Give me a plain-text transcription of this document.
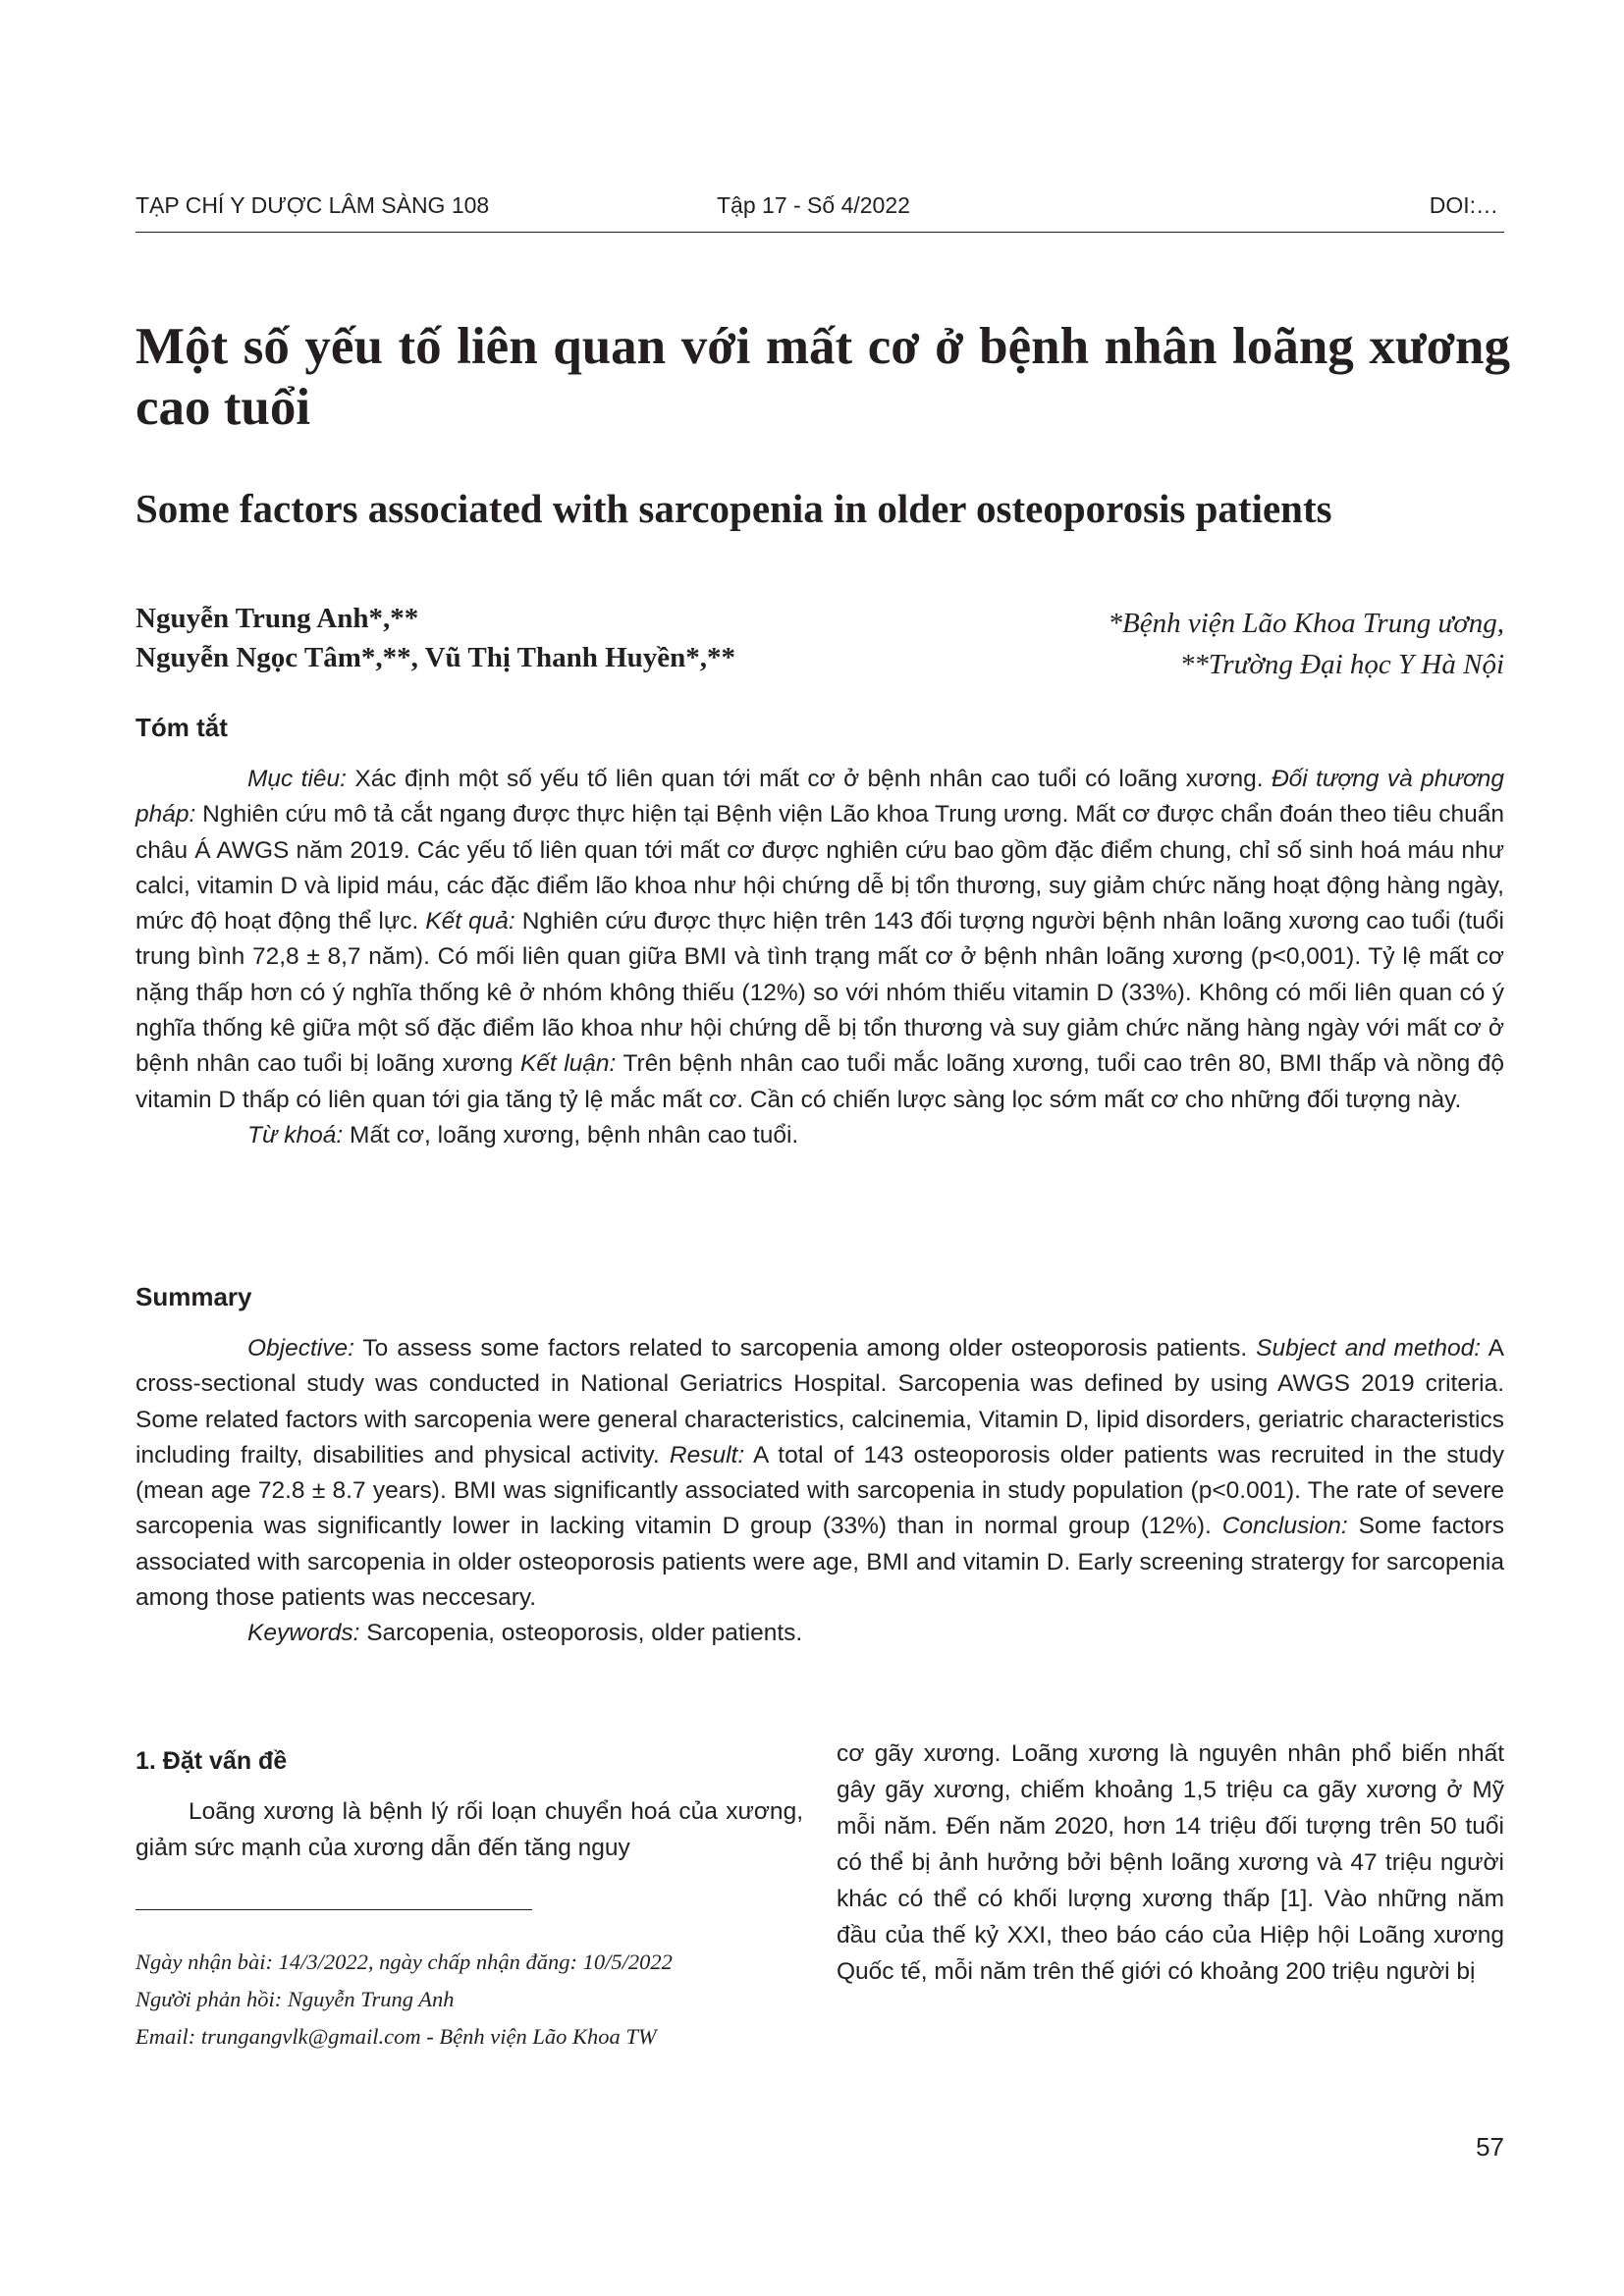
TẠP CHÍ Y DƯỢC LÂM SÀNG 108	Tập 17 - Số 4/2022	DOI:…
Một số yếu tố liên quan với mất cơ ở bệnh nhân loãng xương cao tuổi
Some factors associated with sarcopenia in older osteoporosis patients
Nguyễn Trung Anh*,**
Nguyễn Ngọc Tâm*,**, Vũ Thị Thanh Huyền*,**
*Bệnh viện Lão Khoa Trung ương,
**Trường Đại học Y Hà Nội
Tóm tắt

Mục tiêu: Xác định một số yếu tố liên quan tới mất cơ ở bệnh nhân cao tuổi có loãng xương. Đối tượng và phương pháp: Nghiên cứu mô tả cắt ngang được thực hiện tại Bệnh viện Lão khoa Trung ương. Mất cơ được chẩn đoán theo tiêu chuẩn châu Á AWGS năm 2019. Các yếu tố liên quan tới mất cơ được nghiên cứu bao gồm đặc điểm chung, chỉ số sinh hoá máu như calci, vitamin D và lipid máu, các đặc điểm lão khoa như hội chứng dễ bị tổn thương, suy giảm chức năng hoạt động hàng ngày, mức độ hoạt động thể lực. Kết quả: Nghiên cứu được thực hiện trên 143 đối tượng người bệnh nhân loãng xương cao tuổi (tuổi trung bình 72,8 ± 8,7 năm). Có mối liên quan giữa BMI và tình trạng mất cơ ở bệnh nhân loãng xương (p<0,001). Tỷ lệ mất cơ nặng thấp hơn có ý nghĩa thống kê ở nhóm không thiếu (12%) so với nhóm thiếu vitamin D (33%). Không có mối liên quan có ý nghĩa thống kê giữa một số đặc điểm lão khoa như hội chứng dễ bị tổn thương và suy giảm chức năng hàng ngày với mất cơ ở bệnh nhân cao tuổi bị loãng xương Kết luận: Trên bệnh nhân cao tuổi mắc loãng xương, tuổi cao trên 80, BMI thấp và nồng độ vitamin D thấp có liên quan tới gia tăng tỷ lệ mắc mất cơ. Cần có chiến lược sàng lọc sớm mất cơ cho những đối tượng này.

Từ khoá: Mất cơ, loãng xương, bệnh nhân cao tuổi.

Summary

Objective: To assess some factors related to sarcopenia among older osteoporosis patients. Subject and method: A cross-sectional study was conducted in National Geriatrics Hospital. Sarcopenia was defined by using AWGS 2019 criteria. Some related factors with sarcopenia were general characteristics, calcinemia, Vitamin D, lipid disorders, geriatric characteristics including frailty, disabilities and physical activity. Result: A total of 143 osteoporosis older patients was recruited in the study (mean age 72.8 ± 8.7 years). BMI was significantly associated with sarcopenia in study population (p<0.001). The rate of severe sarcopenia was significantly lower in lacking vitamin D group (33%) than in normal group (12%). Conclusion: Some factors associated with sarcopenia in older osteoporosis patients were age, BMI and vitamin D. Early screening stratergy for sarcopenia among those patients was neccesary.

Keywords: Sarcopenia, osteoporosis, older patients.

1. Đặt vấn đề

Loãng xương là bệnh lý rối loạn chuyển hoá của xương, giảm sức mạnh của xương dẫn đến tăng nguy

Ngày nhận bài: 14/3/2022, ngày chấp nhận đăng: 10/5/2022
Người phản hồi: Nguyễn Trung Anh
Email: trungangvlk@gmail.com - Bệnh viện Lão Khoa TW

cơ gãy xương. Loãng xương là nguyên nhân phổ biến nhất gây gãy xương, chiếm khoảng 1,5 triệu ca gãy xương ở Mỹ mỗi năm. Đến năm 2020, hơn 14 triệu đối tượng trên 50 tuổi có thể bị ảnh hưởng bởi bệnh loãng xương và 47 triệu người khác có thể có khối lượng xương thấp [1]. Vào những năm đầu của thế kỷ XXI, theo báo cáo của Hiệp hội Loãng xương Quốc tế, mỗi năm trên thế giới có khoảng 200 triệu người bị

57
